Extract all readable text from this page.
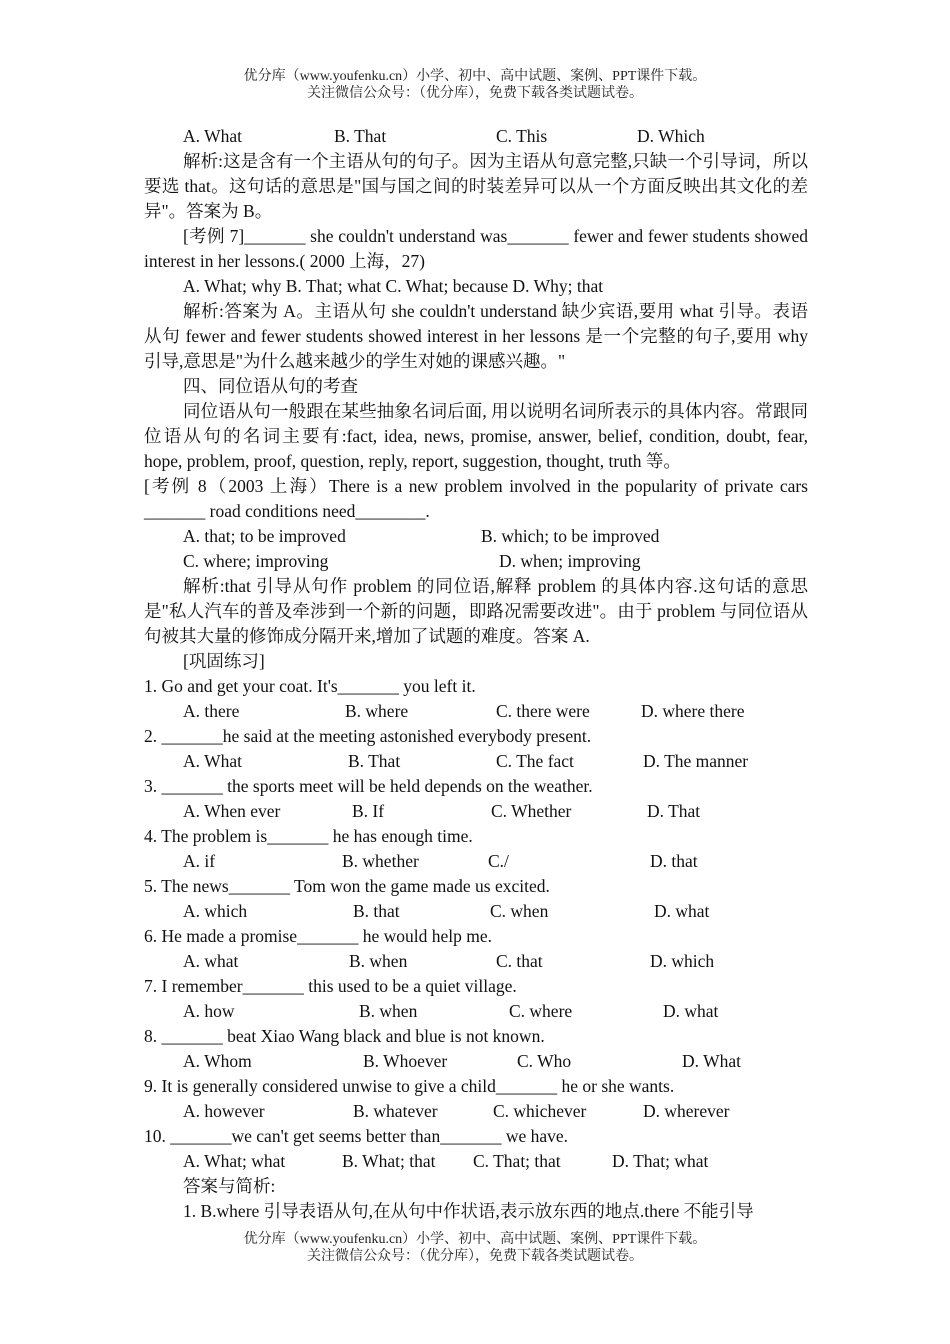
优分库（www.youfenku.cn）小学、初中、高中试题、案例、PPT课件下载。
关注微信公众号：（优分库），免费下载各类试题试卷。
A. What	B. That	C. This	D. Which

解析:这是含有一个主语从句的句子。因为主语从句意完整,只缺一个引导词，所以要选 that。这句话的意思是"国与国之间的时装差异可以从一个方面反映出其文化的差异"。答案为 B。

[考例 7]_______ she couldn't understand was_______ fewer and fewer students showed interest in her lessons.( 2000 上海，27)

A. What; why B. That; what C. What; because D. Why; that

解析:答案为 A。主语从句 she couldn't understand 缺少宾语,要用 what 引导。表语从句 fewer and fewer students showed interest in her lessons 是一个完整的句子,要用 why 引导,意思是"为什么越来越少的学生对她的课感兴趣。"

四、同位语从句的考查

同位语从句一般跟在某些抽象名词后面, 用以说明名词所表示的具体内容。常跟同位语从句的名词主要有:fact, idea, news, promise, answer, belief, condition, doubt, fear, hope, problem, proof, question, reply, report, suggestion, thought, truth 等。

[考例 8（2003 上海）There is a new problem involved in the popularity of private cars _______ road conditions need________.

A. that; to be improved	B. which; to be improved
C. where; improving	D. when; improving

解析:that 引导从句作 problem 的同位语,解释 problem 的具体内容.这句话的意思是"私人汽车的普及牵涉到一个新的问题，即路况需要改进"。由于 problem 与同位语从句被其大量的修饰成分隔开来,增加了试题的难度。答案 A.

[巩固练习]

1. Go and get your coat. It's_______ you left it.

A. there	B. where	C. there were	D. where there

2. _______he said at the meeting astonished everybody present.

A. What	B. That	C. The fact	D. The manner

3. _______ the sports meet will be held depends on the weather.

A. When ever	B. If	C. Whether	D. That

4. The problem is_______ he has enough time.

A. if	B. whether	C./	D. that

5. The news_______ Tom won the game made us excited.

A. which	B. that	C. when	D. what

6. He made a promise_______ he would help me.

A. what	B. when	C. that	D. which

7. I remember_______ this used to be a quiet village.

A. how	B. when	C. where	D. what

8. _______ beat Xiao Wang black and blue is not known.

A. Whom	B. Whoever	C. Who	D. What

9. It is generally considered unwise to give a child_______ he or she wants.

A. however	B. whatever	C. whichever	D. wherever

10. _______we can't get seems better than_______ we have.

A. What; what	B. What; that C. That; that	D. That; what

答案与简析:

1. B.where 引导表语从句,在从句中作状语,表示放东西的地点.there 不能引导

优分库（www.youfenku.cn）小学、初中、高中试题、案例、PPT课件下载。
关注微信公众号：（优分库），免费下载各类试题试卷。
